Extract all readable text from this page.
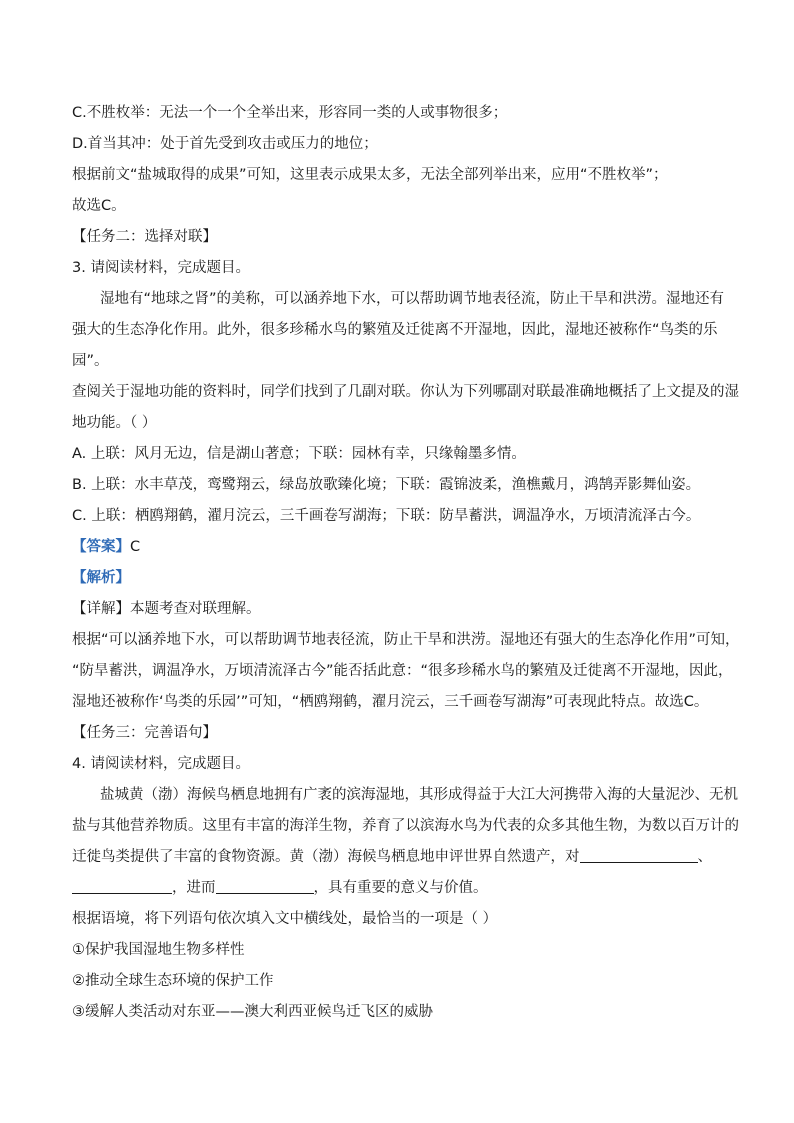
C.不胜枚举：无法一个一个全举出来，形容同一类的人或事物很多；
D.首当其冲：处于首先受到攻击或压力的地位；
根据前文“盐城取得的成果”可知，这里表示成果太多，无法全部列举出来，应用“不胜枚举”；
故选C。
【任务二：选择对联】
3. 请阅读材料，完成题目。
湿地有“地球之肾”的美称，可以涵养地下水，可以帮助调节地表径流，防止干旱和洪涝。湿地还有
强大的生态净化作用。此外，很多珍稀水鸟的繁殖及迁徙离不开湿地，因此，湿地还被称作“鸟类的乐
园”。
查阅关于湿地功能的资料时，同学们找到了几副对联。你认为下列哪副对联最准确地概括了上文提及的湿
地功能。（ ）
A. 上联：风月无边，信是湖山著意；下联：园林有幸，只缘翰墨多情。
B. 上联：水丰草茂，鸾鹭翔云，绿岛放歌臻化境；下联：霞锦波柔，渔樵戴月，鸿鹄弄影舞仙姿。
C. 上联：栖鸥翔鹤，濯月浣云，三千画卷写湖海；下联：防旱蓄洪，调温净水，万顷清流泽古今。
【答案】C
【解析】
【详解】本题考查对联理解。
根据“可以涵养地下水，可以帮助调节地表径流，防止干旱和洪涝。湿地还有强大的生态净化作用”可知，
“防旱蓄洪，调温净水，万顷清流泽古今”能否括此意：“很多珍稀水鸟的繁殖及迁徙离不开湿地，因此，
湿地还被称作‘鸟类的乐园’”可知，“栖鸥翔鹤，濯月浣云，三千画卷写湖海”可表现此特点。故选C。
【任务三：完善语句】
4. 请阅读材料，完成题目。
盐城黄（渤）海候鸟栖息地拥有广袤的滨海湿地，其形成得益于大江大河携带入海的大量泥沙、无机
盐与其他营养物质。这里有丰富的海洋生物，养育了以滨海水鸟为代表的众多其他生物，为数以百万计的
迁徙鸟类提供了丰富的食物资源。黄（渤）海候鸟栖息地申评世界自然遗产，对	、
，进而	，具有重要的意义与价值。
根据语境，将下列语句依次填入文中横线处，最恰当的一项是（ ）
①保护我国湿地生物多样性
②推动全球生态环境的保护工作
③缓解人类活动对东亚——澳大利西亚候鸟迁飞区的威胁
